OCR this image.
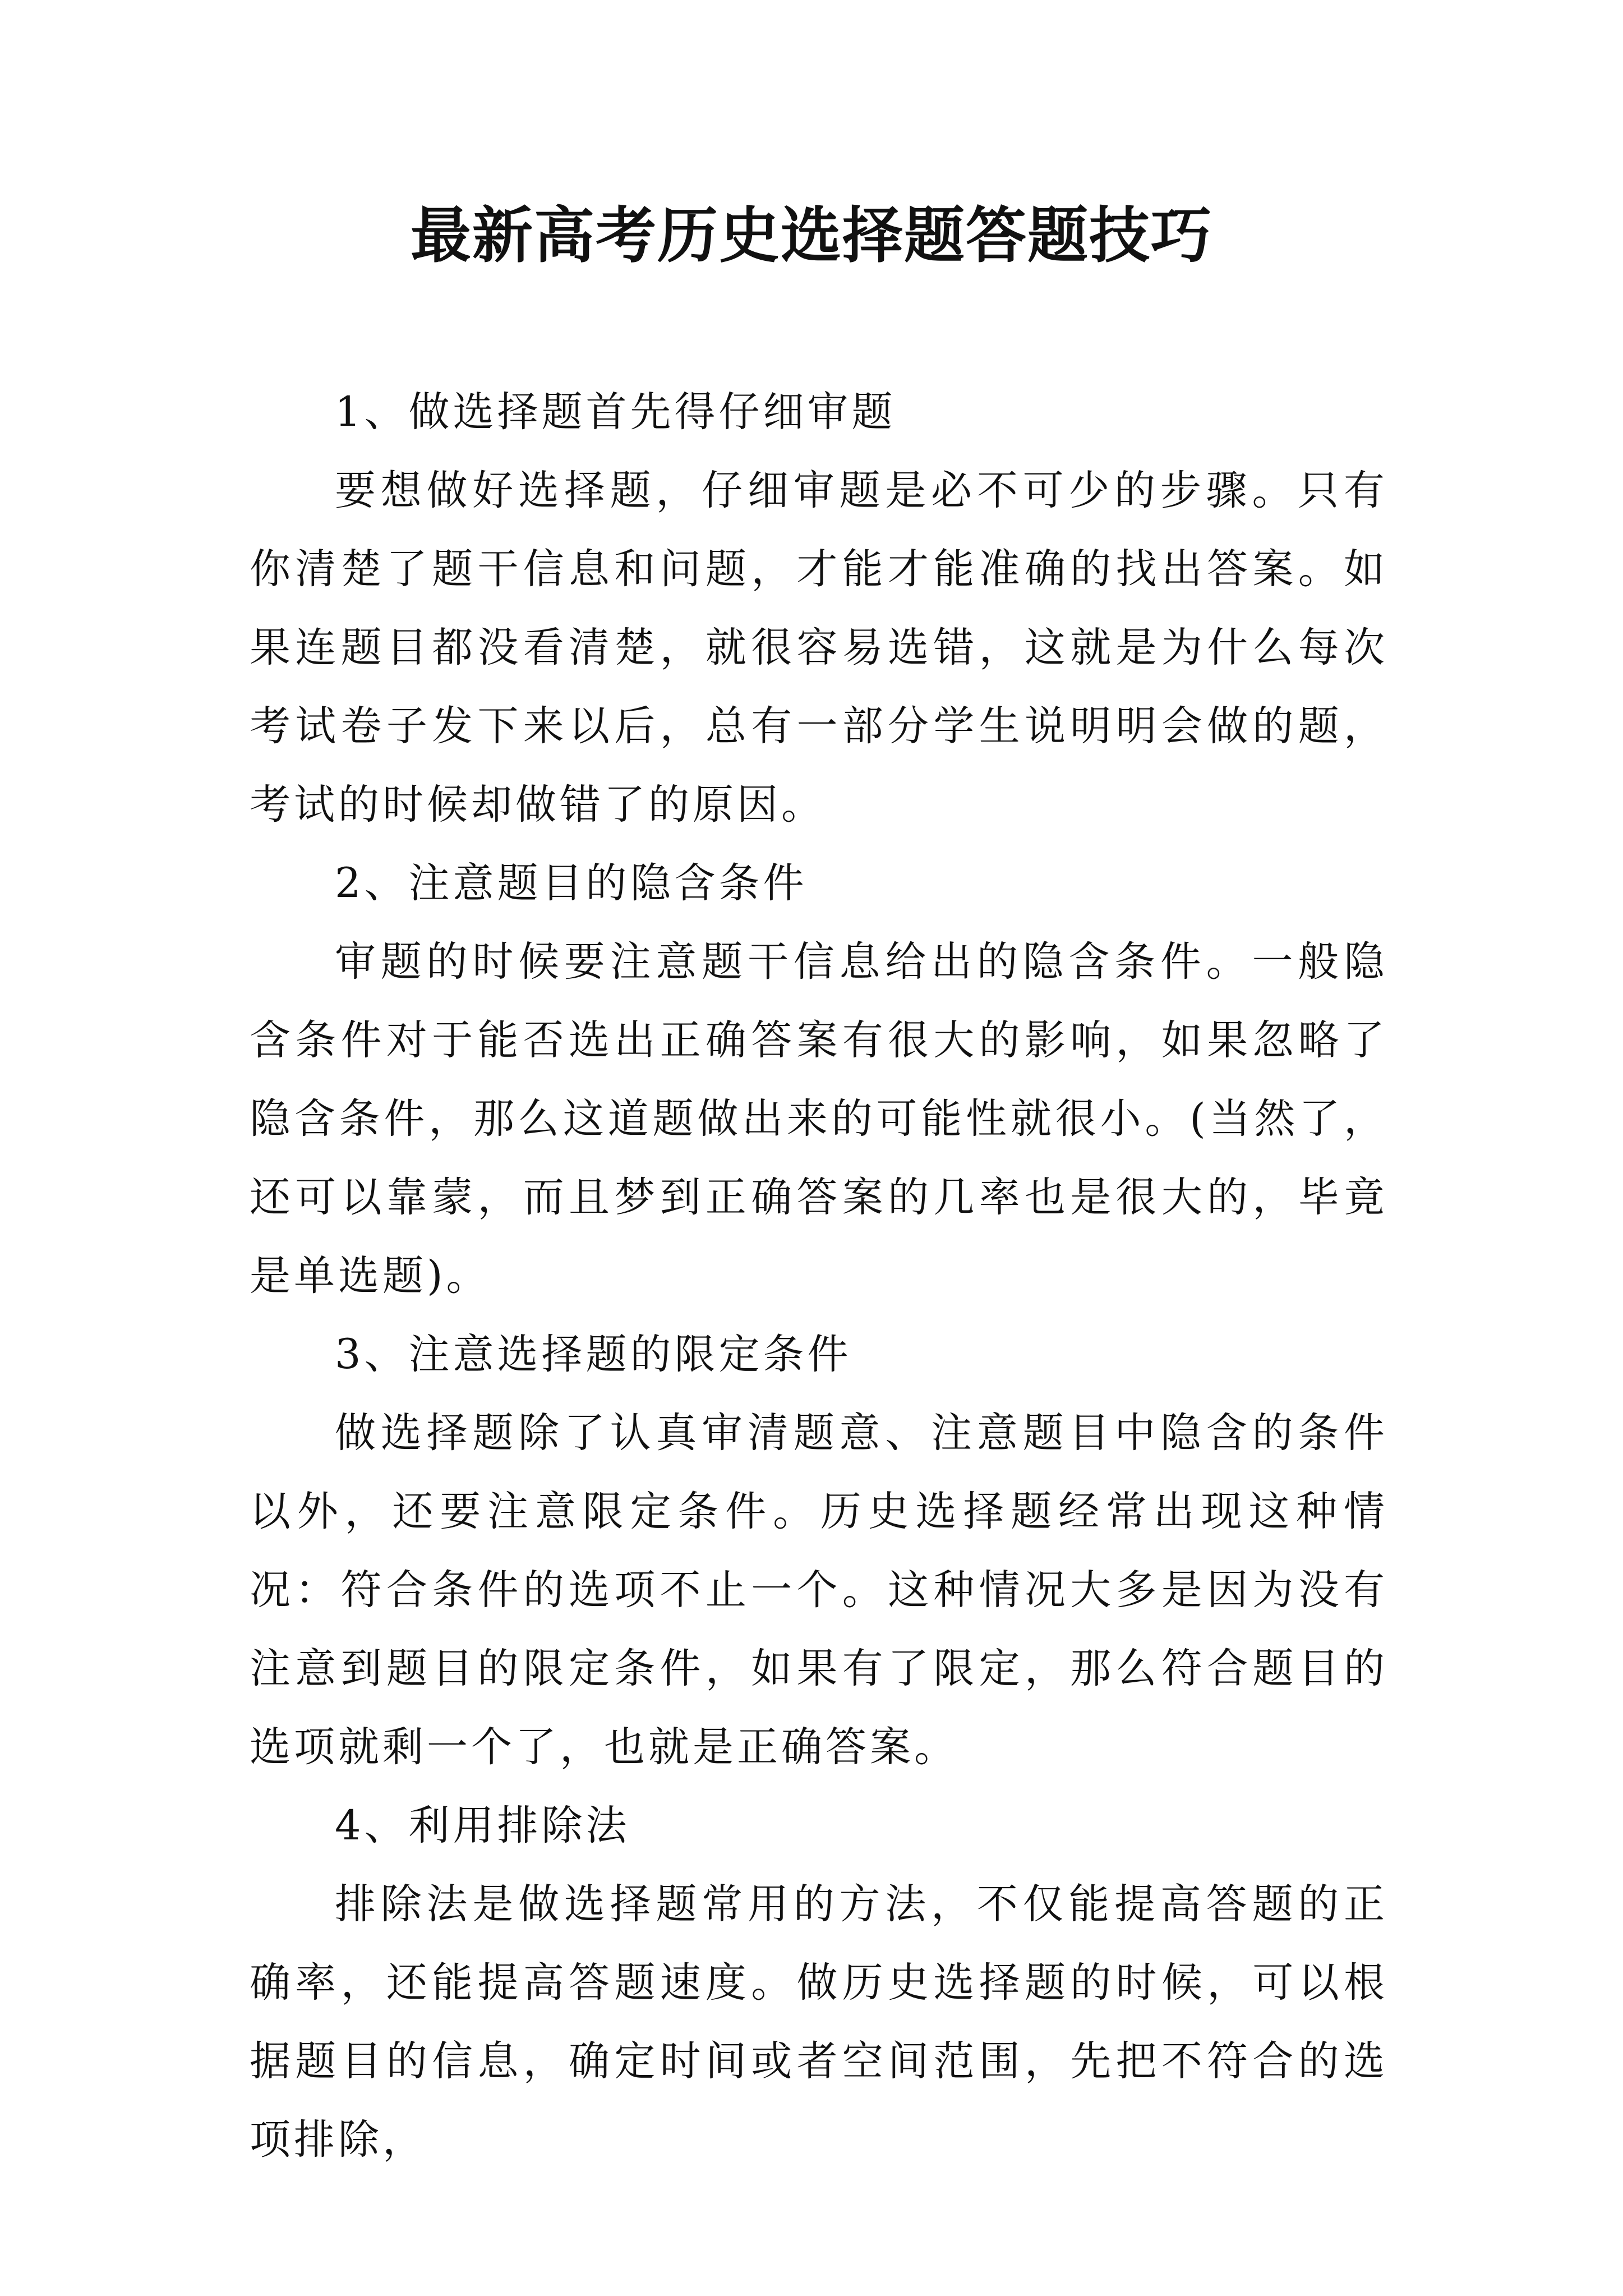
最新高考历史选择题答题技巧

1、做选择题首先得仔细审题

要想做好选择题，仔细审题是必不可少的步骤。只有你清楚了题干信息和问题，才能才能准确的找出答案。如果连题目都没看清楚，就很容易选错，这就是为什么每次考试卷子发下来以后，总有一部分学生说明明会做的题，考试的时候却做错了的原因。

2、注意题目的隐含条件

审题的时候要注意题干信息给出的隐含条件。一般隐含条件对于能否选出正确答案有很大的影响，如果忽略了隐含条件，那么这道题做出来的可能性就很小。(当然了，还可以靠蒙，而且梦到正确答案的几率也是很大的，毕竟是单选题)。

3、注意选择题的限定条件

做选择题除了认真审清题意、注意题目中隐含的条件以外，还要注意限定条件。历史选择题经常出现这种情况：符合条件的选项不止一个。这种情况大多是因为没有注意到题目的限定条件，如果有了限定，那么符合题目的选项就剩一个了，也就是正确答案。

4、利用排除法

排除法是做选择题常用的方法，不仅能提高答题的正确率，还能提高答题速度。做历史选择题的时候，可以根据题目的信息，确定时间或者空间范围，先把不符合的选项排除，
